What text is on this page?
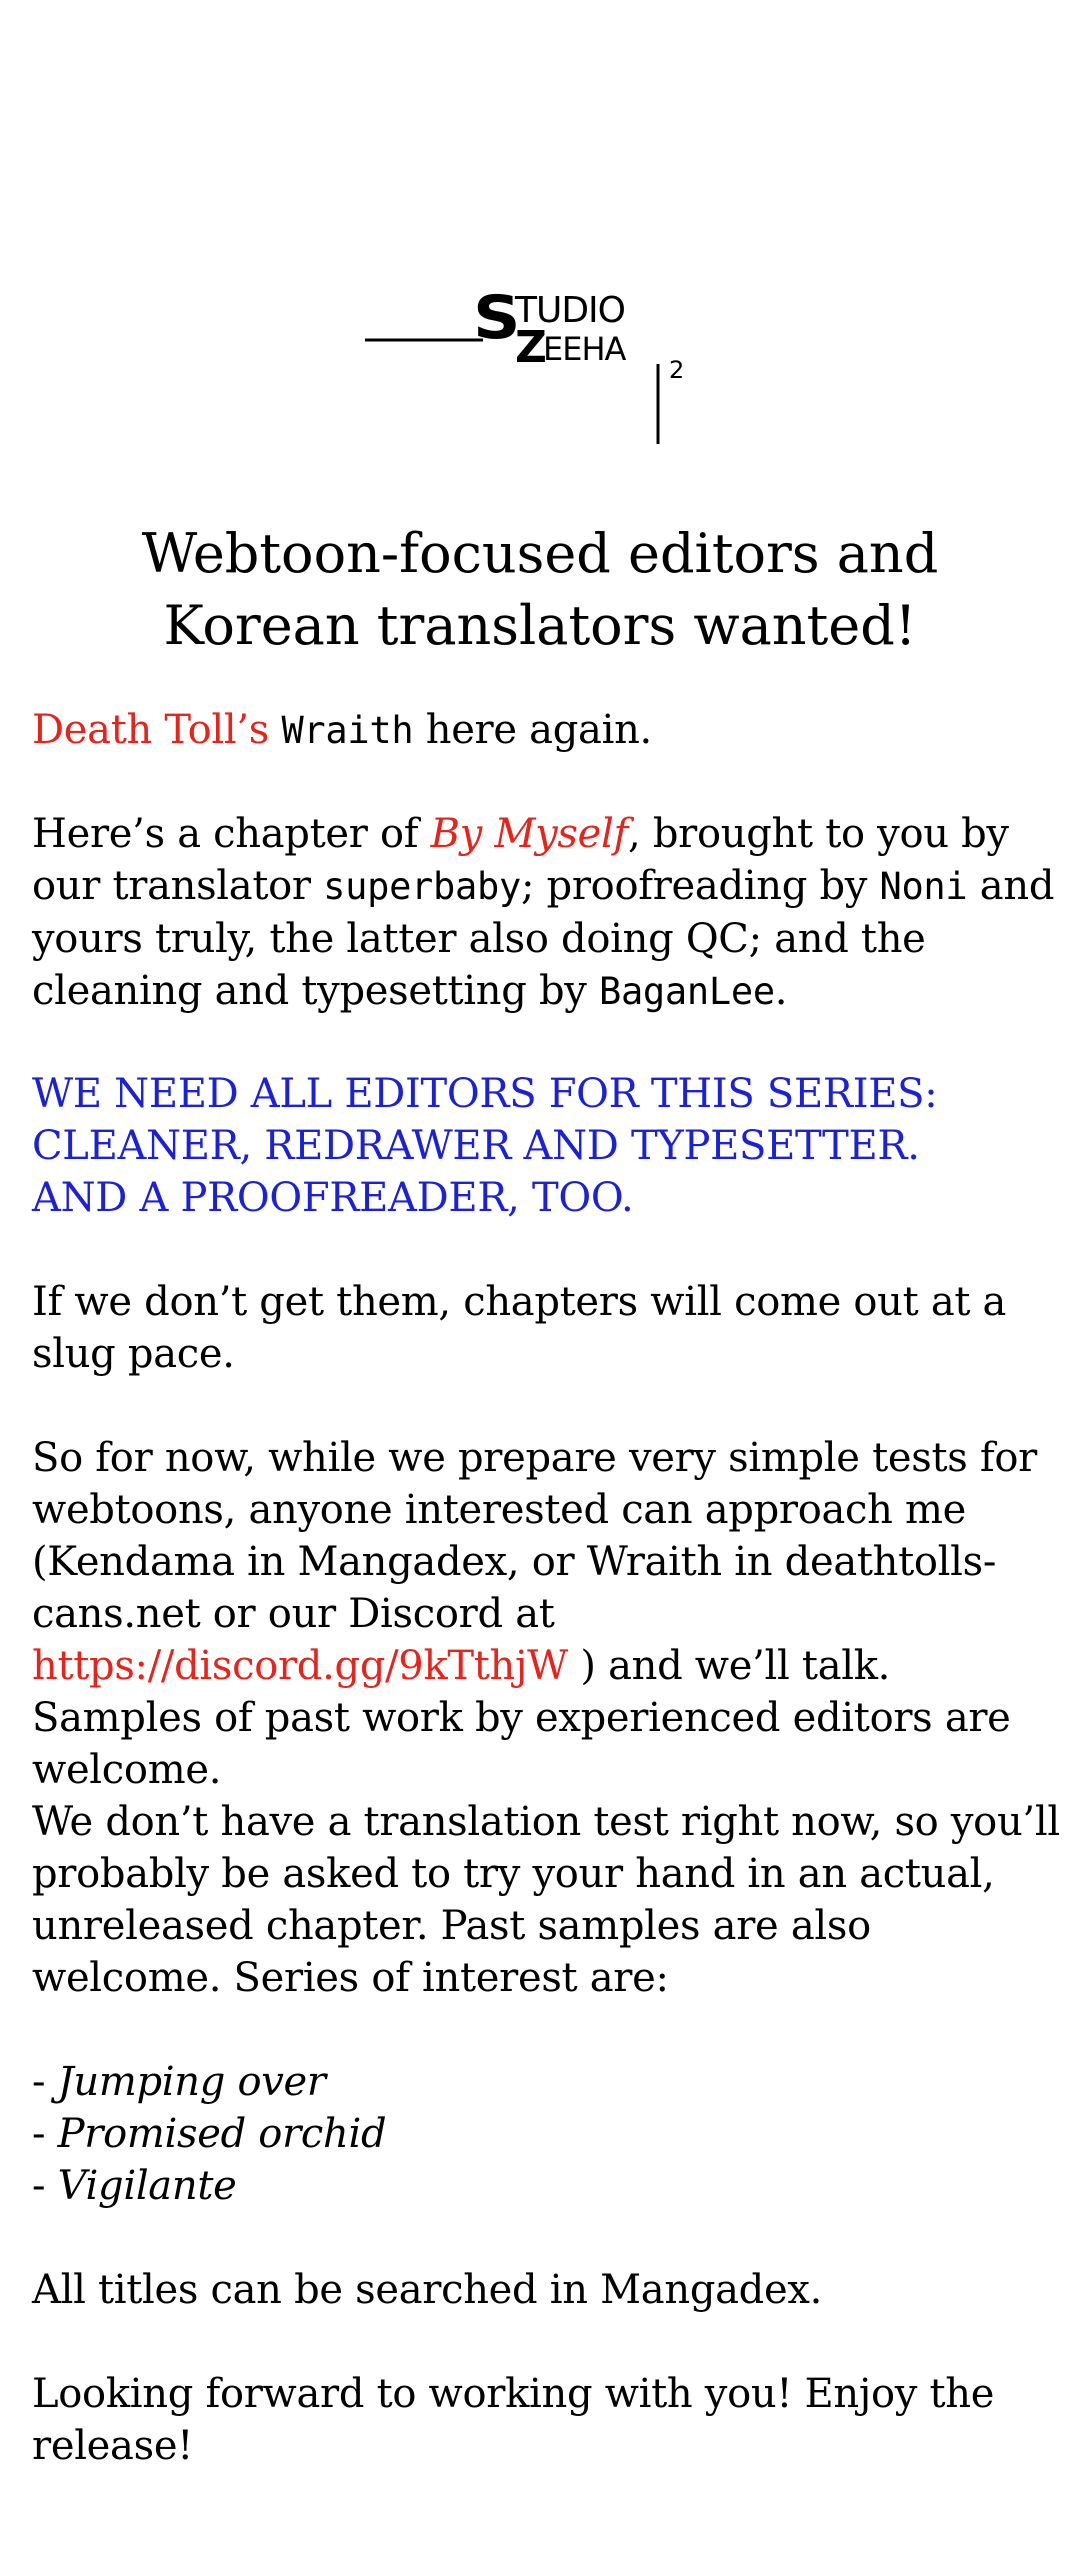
S
TUDIO
Z
EEHA
2
Webtoon-focused editors and
Korean translators wanted!
Death Toll’s Wraith here again.
Here’s a chapter of By Myself, brought to you by our translator superbaby; proofreading by Noni and yours truly, the latter also doing QC; and the cleaning and typesetting by BaganLee.
WE NEED ALL EDITORS FOR THIS SERIES:
CLEANER, REDRAWER AND TYPESETTER.
AND A PROOFREADER, TOO.
If we don’t get them, chapters will come out at a slug pace.
So for now, while we prepare very simple tests for webtoons, anyone interested can approach me (Kendama in Mangadex, or Wraith in deathtolls-cans.net or our Discord at https://discord.gg/9kTthjW ) and we’ll talk. Samples of past work by experienced editors are welcome.
We don’t have a translation test right now, so you’ll probably be asked to try your hand in an actual, unreleased chapter. Past samples are also welcome. Series of interest are:
- Jumping over
- Promised orchid
- Vigilante
All titles can be searched in Mangadex.
Looking forward to working with you! Enjoy the release!
